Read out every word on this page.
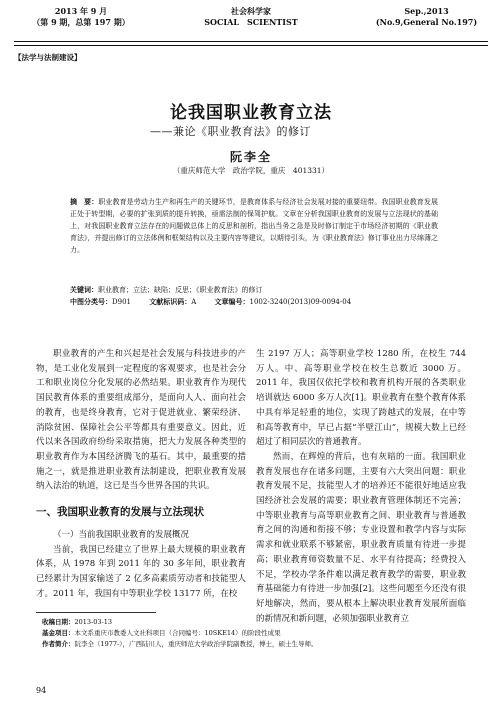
2013 年 9 月
（第 9 期，总第 197 期）
社会科学家
SOCIAL　SCIENTIST
Sep.,2013
(No.9,General No.197)
【法学与法制建设】
论我国职业教育立法
——兼论《职业教育法》的修订
阮李全
（重庆师范大学　政治学院，重庆　401331）
摘　要：职业教育是劳动力生产和再生产的关键环节，是教育体系与经济社会发展对接的重要纽带。我国职业教育发展正处于转型期，必要的扩张到质的提升转换，亟需法制的保驾护航。文章在分析我国职业教育的发展与立法现状的基础上，对我国职业教育立法存在的问题做总体上的反思和剖析，指出当务之急是及时修订制定于市场经济初期的《职业教育法》，并提出修订的立法体例和框架结构以及主要内容等建议，以期待引头，为《职业教育法》修订事业出力尽绵薄之力。
关键词：职业教育；立法；缺陷；反思；《职业教育法》的修订
中图分类号：D901	文献标识码：A	文章编号：1002-3240(2013)09-0094-04

职业教育的产生和兴起是社会发展与科技进步的产物，是工业化发展到一定程度的客观要求，也是社会分工和职业岗位分化发展的必然结果。职业教育作为现代国民教育体系的重要组成部分，是面向人人、面向社会的教育，也是终身教育，它对于促进就业、繁荣经济、消除贫困、保障社会公平等都具有重要意义。因此，近代以来各国政府纷纷采取措施，把大力发展各种类型的职业教育作为本国经济腾飞的基石。其中，最重要的措施之一，就是推进职业教育法制建设，把职业教育发展纳入法治的轨道，这已是当今世界各国的共识。

一、我国职业教育的发展与立法现状

（一）当前我国职业教育的发展概况

当前，我国已经建立了世界上最大规模的职业教育体系，从 1978 年到 2011 年的 30 多年间，职业教育已经累计为国家输送了 2 亿多高素质劳动者和技能型人才。2011 年，我国有中等职业学校 13177 所，在校

生 2197 万人；高等职业学校 1280 所，在校生 744 万人。中、高等职业学校在校生总数近 3000 万。2011 年，我国仅依托学校和教育机构开展的各类职业培训就达 6000 多万人次[1]。职业教育在整个教育体系中具有举足轻重的地位，实现了跨越式的发展，在中等和高等教育中，早已占据“半壁江山”，规模大数上已经超过了相同层次的普通教育。

然而，在辉煌的背后，也有灰暗的一面。我国职业教育发展也存在诸多问题，主要有六大突出问题：职业教育发展不足，技能型人才的培养还不能很好地适应我国经济社会发展的需要；职业教育管理体制还不完善；中等职业教育与高等职业教育之间、职业教育与普通教育之间的沟通和衔接不够；专业设置和教学内容与实际需求和就业联系不够紧密，职业教育质量有待进一步提高；职业教育师资数量不足、水平有待提高；经费投入不足，学校办学条件难以满足教育教学的需要，职业教育基础能力有待进一步加强[2]。这些问题至今还没有很好地解决，然而，要从根本上解决职业教育发展所面临的新情况和新问题，必须加强职业教育立

收稿日期：2013-03-13
基金项目：本文系重庆市教委人文社科项目（合同编号：10SKE14）的阶段性成果
作者简介：阮李全（1977-），广西陆川人，重庆师范大学政治学院副教授，博士，硕士生导师。
94
